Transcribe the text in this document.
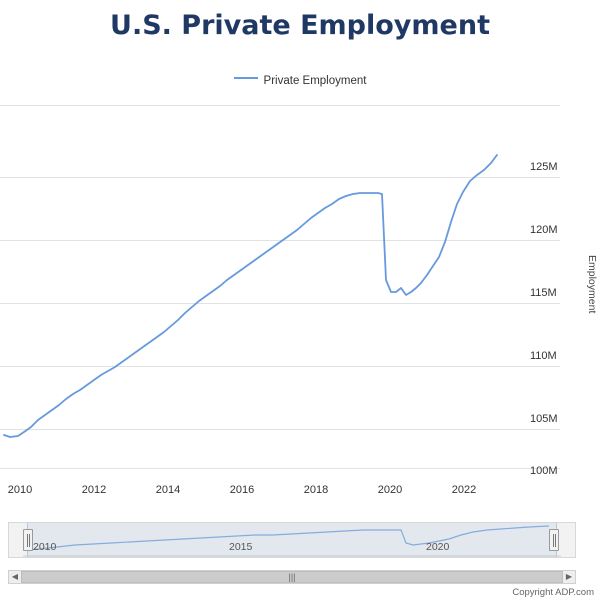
U.S. Private Employment
Private Employment
125M
120M
115M
110M
105M
100M
Employment
2010	2012	2014	2016	2018	2020	2022
2010	2015	2020
◀	|||	▶
Copyright ADP.com
